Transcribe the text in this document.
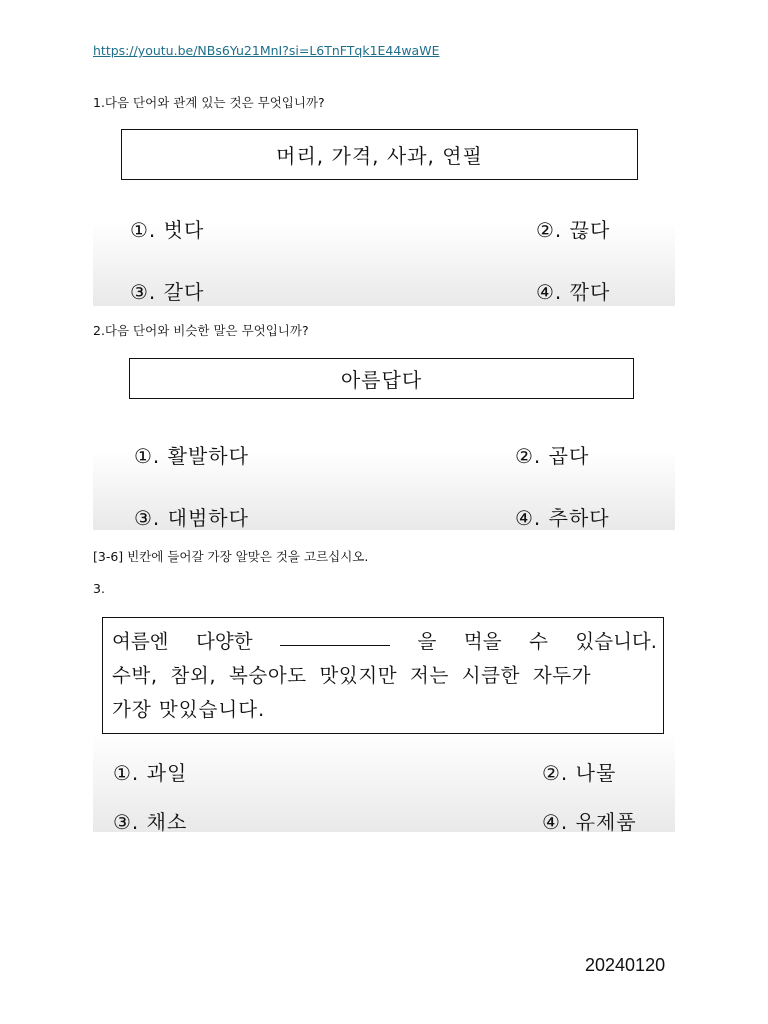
https://youtu.be/NBs6Yu21MnI?si=L6TnFTqk1E44waWE
1.다음 단어와 관계 있는 것은 무엇입니까?
머리, 가격, 사과, 연필
①. 벗다	②. 끊다
③. 갈다	④. 깎다
2.다음 단어와 비슷한 말은 무엇입니까?
아름답다
①. 활발하다	②. 곱다
③. 대범하다	④. 추하다
[3-6] 빈칸에 들어갈 가장 알맞은 것을 고르십시오.
3.
여름엔 다양한	을 먹을 수 있습니다.
수박, 참외, 복숭아도 맛있지만 저는 시큼한 자두가
가장 맛있습니다.
①. 과일	②. 나물
③. 채소	④. 유제품
20240120
